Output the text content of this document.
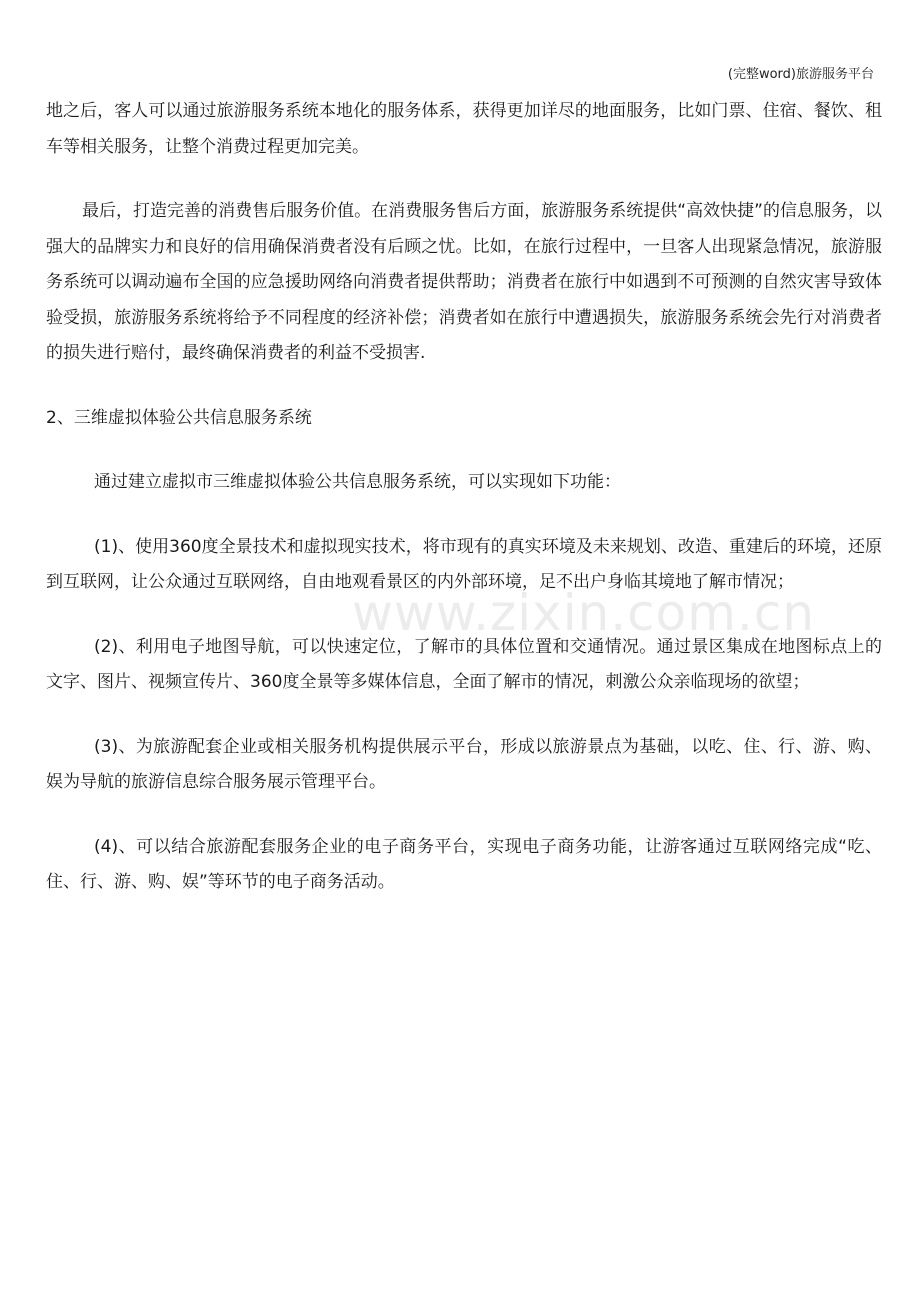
(完整word)旅游服务平台

地之后，客人可以通过旅游服务系统本地化的服务体系，获得更加详尽的地面服务，比如门票、住宿、餐饮、租车等相关服务，让整个消费过程更加完美。

最后，打造完善的消费售后服务价值。在消费服务售后方面，旅游服务系统提供“高效快捷”的信息服务，以强大的品牌实力和良好的信用确保消费者没有后顾之忧。比如，在旅行过程中，一旦客人出现紧急情况，旅游服务系统可以调动遍布全国的应急援助网络向消费者提供帮助；消费者在旅行中如遇到不可预测的自然灾害导致体验受损，旅游服务系统将给予不同程度的经济补偿；消费者如在旅行中遭遇损失，旅游服务系统会先行对消费者的损失进行赔付，最终确保消费者的利益不受损害.

2、三维虚拟体验公共信息服务系统

通过建立虚拟市三维虚拟体验公共信息服务系统，可以实现如下功能：

(1)、使用360度全景技术和虚拟现实技术，将市现有的真实环境及未来规划、改造、重建后的环境，还原到互联网，让公众通过互联网络，自由地观看景区的内外部环境，足不出户身临其境地了解市情况；

(2)、利用电子地图导航，可以快速定位，了解市的具体位置和交通情况。通过景区集成在地图标点上的文字、图片、视频宣传片、360度全景等多媒体信息，全面了解市的情况，刺激公众亲临现场的欲望；

(3)、为旅游配套企业或相关服务机构提供展示平台，形成以旅游景点为基础，以吃、住、行、游、购、娱为导航的旅游信息综合服务展示管理平台。

(4)、可以结合旅游配套服务企业的电子商务平台，实现电子商务功能，让游客通过互联网络完成“吃、住、行、游、购、娱”等环节的电子商务活动。

www.zixin.com.cn
